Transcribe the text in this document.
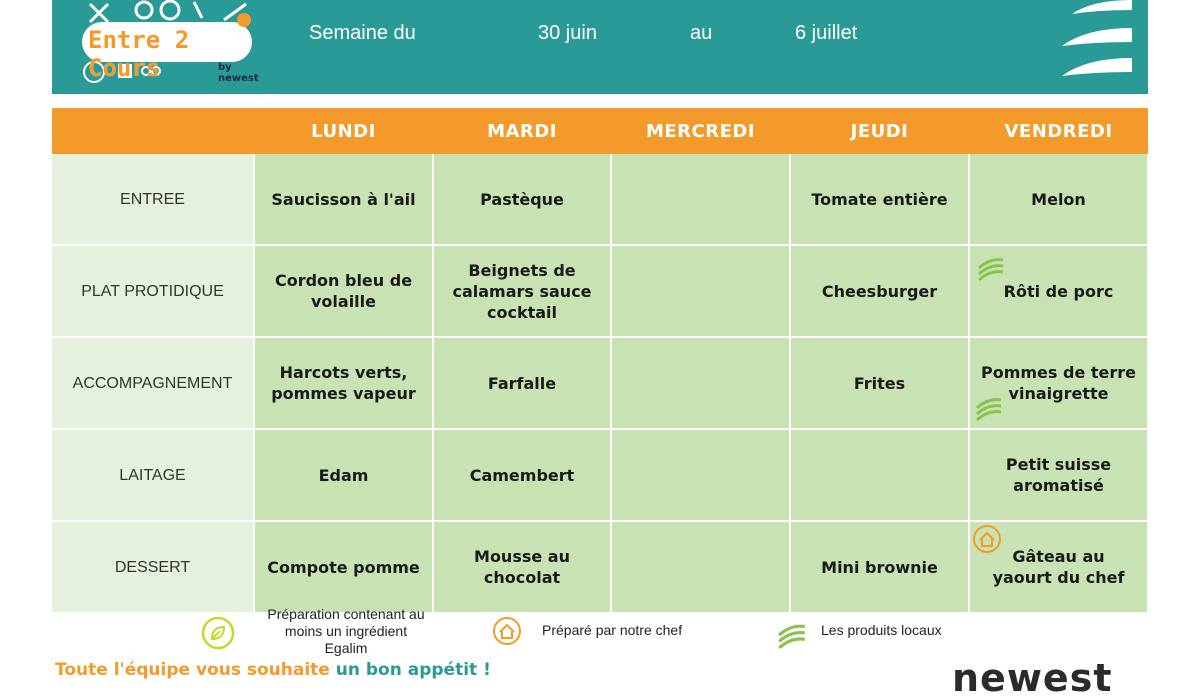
Entre 2 Cours	by newest
Semaine du	30 juin	au	6 juillet
	LUNDI	MARDI	MERCREDI	JEUDI	VENDREDI
ENTREE	Saucisson à l'ail	Pastèque		Tomate entière	Melon
PLAT PROTIDIQUE	Cordon bleu de volaille	Beignets de calamars sauce cocktail		Cheesburger	Rôti de porc
ACCOMPAGNEMENT	Harcots verts, pommes vapeur	Farfalle		Frites	Pommes de terre vinaigrette
LAITAGE	Edam	Camembert			Petit suisse aromatisé
DESSERT	Compote pomme	Mousse au chocolat		Mini brownie	Gâteau au yaourt du chef
Préparation contenant au
moins un ingrédient
Egalim
Préparé par notre chef	Les produits locaux
Toute l'équipe vous souhaite un bon appétit !	newest
